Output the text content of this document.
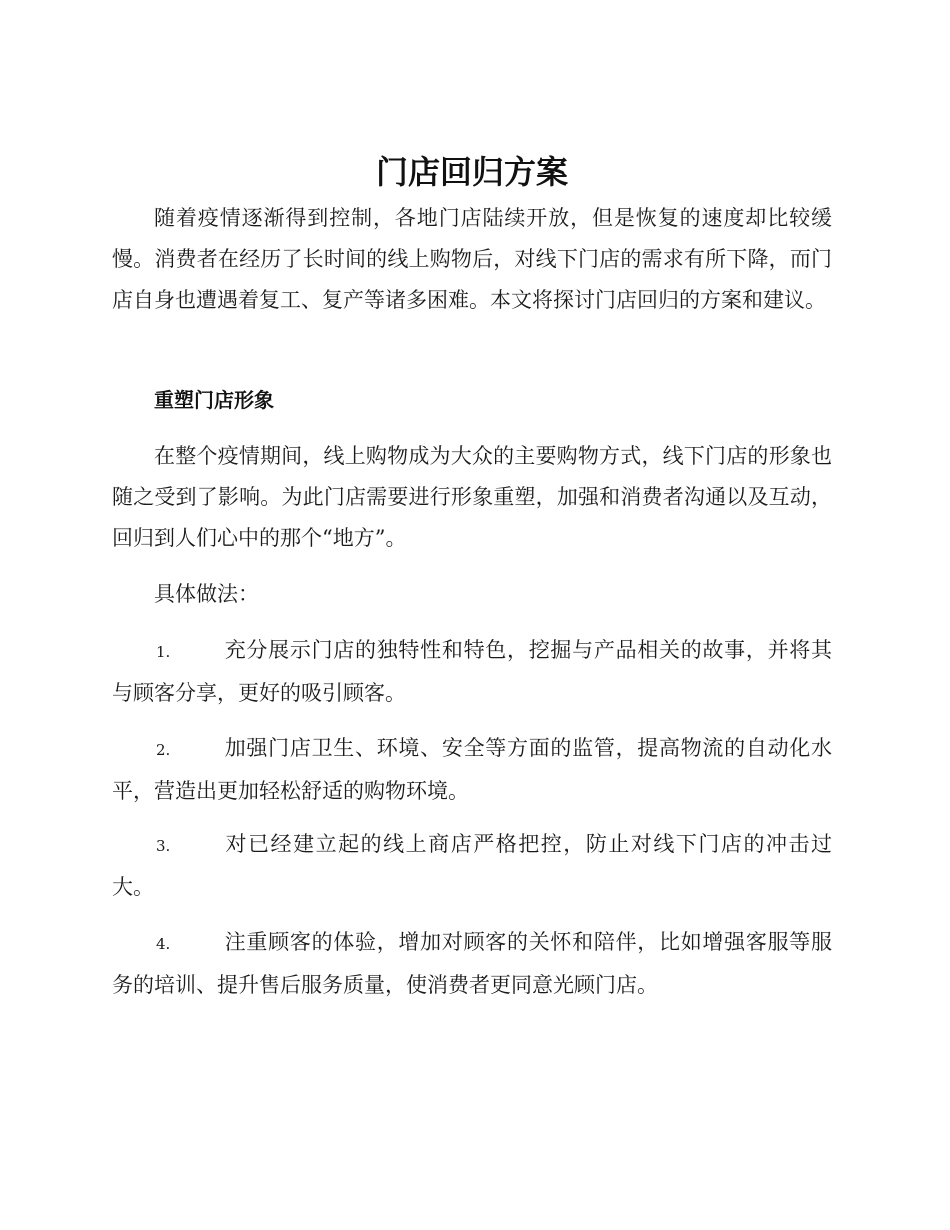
门店回归方案

随着疫情逐渐得到控制，各地门店陆续开放，但是恢复的速度却比较缓慢。消费者在经历了长时间的线上购物后，对线下门店的需求有所下降，而门店自身也遭遇着复工、复产等诸多困难。本文将探讨门店回归的方案和建议。

重塑门店形象

在整个疫情期间，线上购物成为大众的主要购物方式，线下门店的形象也随之受到了影响。为此门店需要进行形象重塑，加强和消费者沟通以及互动，回归到人们心中的那个“地方”。

具体做法：

1.	充分展示门店的独特性和特色，挖掘与产品相关的故事，并将其与顾客分享，更好的吸引顾客。

2.	加强门店卫生、环境、安全等方面的监管，提高物流的自动化水平，营造出更加轻松舒适的购物环境。

3.	对已经建立起的线上商店严格把控，防止对线下门店的冲击过大。

4.	注重顾客的体验，增加对顾客的关怀和陪伴，比如增强客服等服务的培训、提升售后服务质量，使消费者更同意光顾门店。
